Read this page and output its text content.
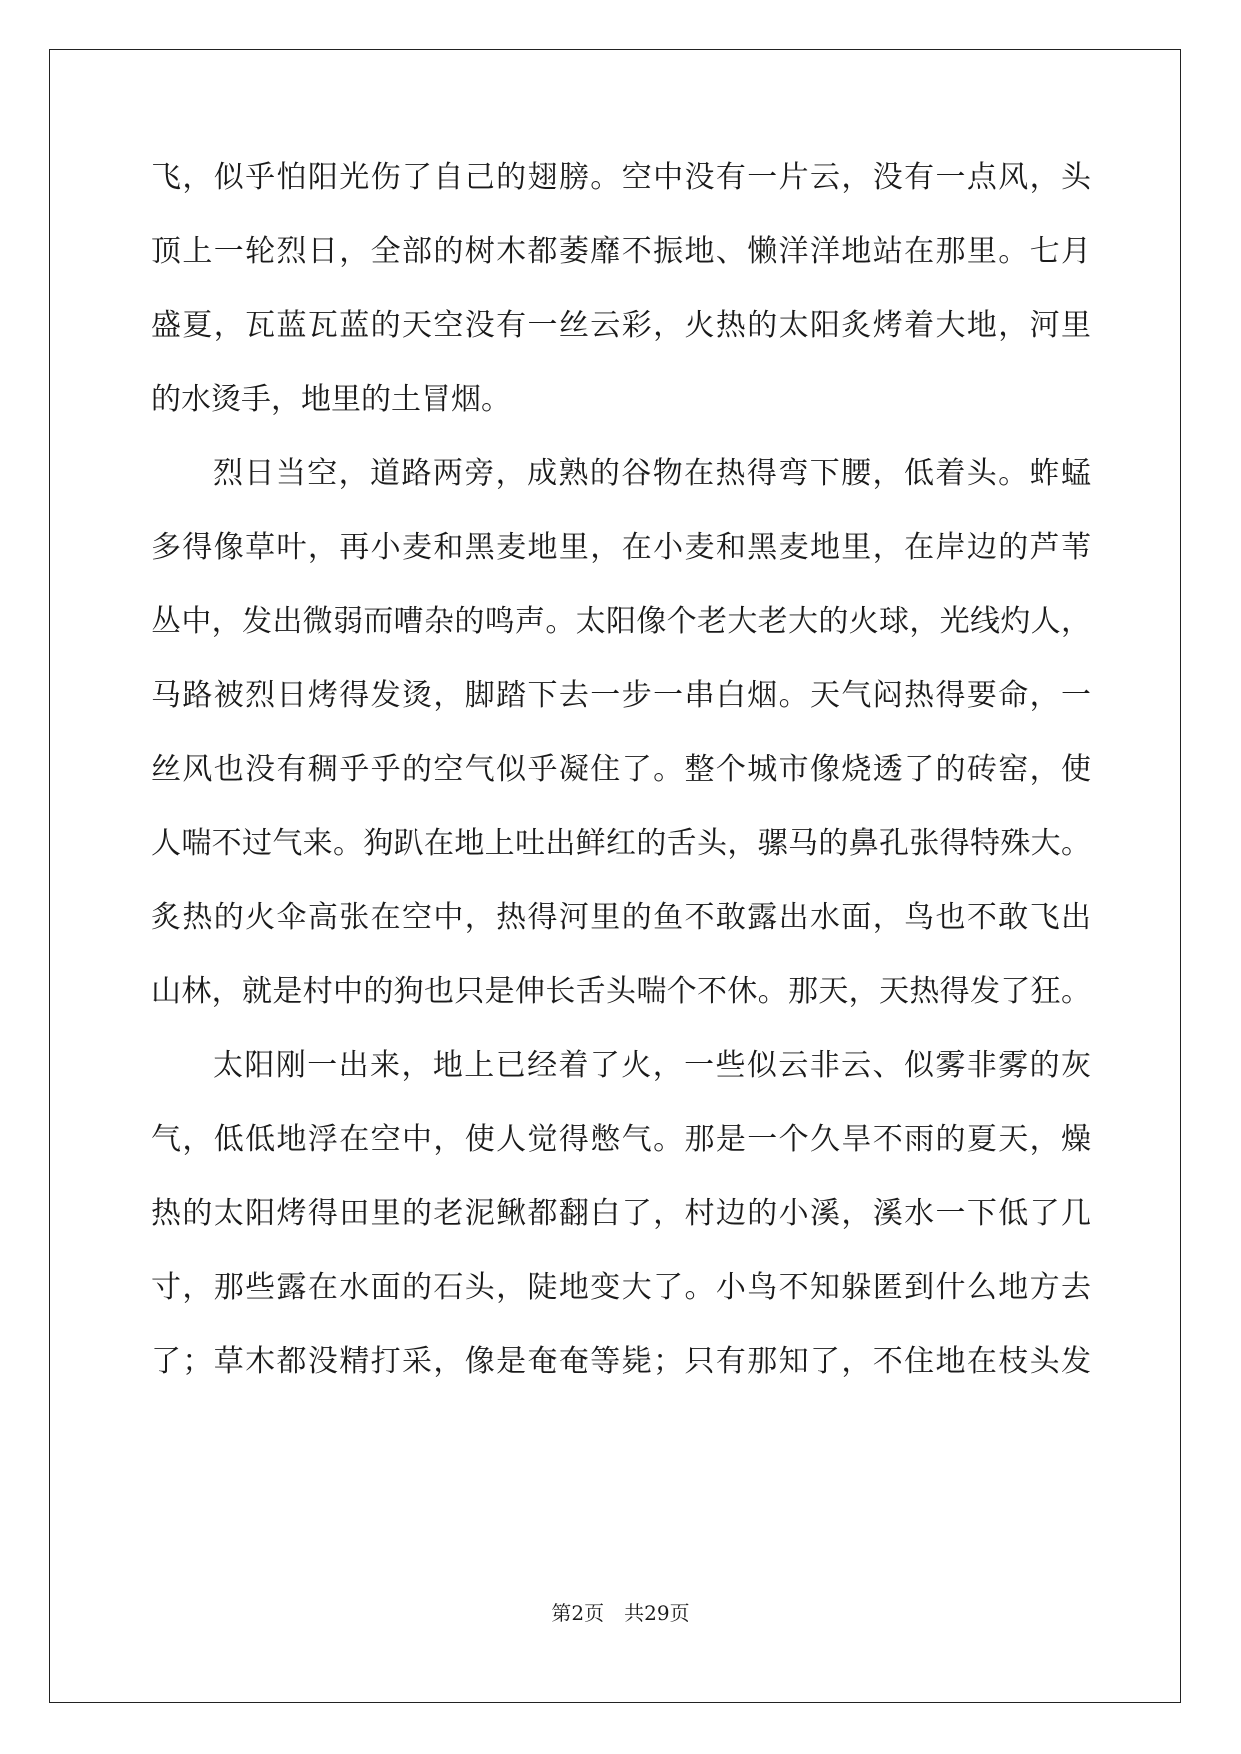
飞，似乎怕阳光伤了自己的翅膀。空中没有一片云，没有一点风，头
顶上一轮烈日，全部的树木都萎靡不振地、懒洋洋地站在那里。七月
盛夏，瓦蓝瓦蓝的天空没有一丝云彩，火热的太阳炙烤着大地，河里
的水烫手，地里的土冒烟。
烈日当空，道路两旁，成熟的谷物在热得弯下腰，低着头。蚱蜢
多得像草叶，再小麦和黑麦地里，在小麦和黑麦地里，在岸边的芦苇
丛中，发出微弱而嘈杂的鸣声。太阳像个老大老大的火球，光线灼人，
马路被烈日烤得发烫，脚踏下去一步一串白烟。天气闷热得要命，一
丝风也没有稠乎乎的空气似乎凝住了。整个城市像烧透了的砖窑，使
人喘不过气来。狗趴在地上吐出鲜红的舌头，骡马的鼻孔张得特殊大。
炙热的火伞高张在空中，热得河里的鱼不敢露出水面，鸟也不敢飞出
山林，就是村中的狗也只是伸长舌头喘个不休。那天，天热得发了狂。
太阳刚一出来，地上已经着了火，一些似云非云、似雾非雾的灰
气，低低地浮在空中，使人觉得憋气。那是一个久旱不雨的夏天，燥
热的太阳烤得田里的老泥鳅都翻白了，村边的小溪，溪水一下低了几
寸，那些露在水面的石头，陡地变大了。小鸟不知躲匿到什么地方去
了；草木都没精打采，像是奄奄等毙；只有那知了，不住地在枝头发
第2页　共29页
